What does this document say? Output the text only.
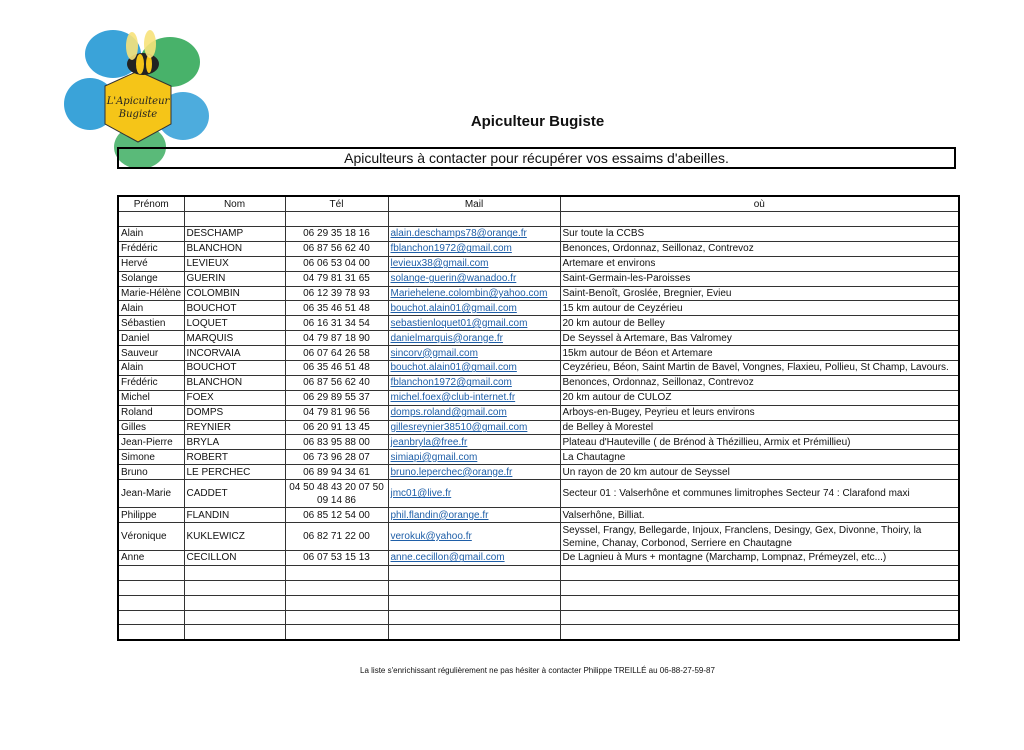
L'Apiculteur
Bugiste	Apiculteur Bugiste
Apiculteurs à contacter pour récupérer vos essaims d'abeilles.
Prénom	Nom	Tél	Mail	où

Alain	DESCHAMP	06 29 35 18 16	alain.deschamps78@orange.fr	Sur toute la CCBS
Frédéric	BLANCHON	06 87 56 62 40	fblanchon1972@gmail.com	Benonces, Ordonnaz, Seillonaz, Contrevoz
Hervé	LEVIEUX	06 06 53 04 00	levieux38@gmail.com	Artemare et environs
Solange	GUERIN	04 79 81 31 65	solange-guerin@wanadoo.fr	Saint-Germain-les-Paroisses
Marie-Hélène	COLOMBIN	06 12 39 78 93	Mariehelene.colombin@yahoo.com	Saint-Benoît, Groslée, Bregnier, Evieu
Alain	BOUCHOT	06 35 46 51 48	bouchot.alain01@gmail.com	15 km autour de Ceyzérieu
Sébastien	LOQUET	06 16 31 34 54	sebastienloquet01@gmail.com	20 km autour de Belley
Daniel	MARQUIS	04 79 87 18 90	danielmarquis@orange.fr	De Seyssel à Artemare, Bas Valromey
Sauveur	INCORVAIA	06 07 64 26 58	sincorv@gmail.com	15km autour de Béon et Artemare
Alain	BOUCHOT	06 35 46 51 48	bouchot.alain01@gmail.com	Ceyzérieu, Béon, Saint Martin de Bavel, Vongnes, Flaxieu, Pollieu, St Champ, Lavours.
Frédéric	BLANCHON	06 87 56 62 40	fblanchon1972@gmail.com	Benonces, Ordonnaz, Seillonaz, Contrevoz
Michel	FOEX	06 29 89 55 37	michel.foex@club-internet.fr	20 km autour de CULOZ
Roland	DOMPS	04 79 81 96 56	domps.roland@gmail.com	Arboys-en-Bugey, Peyrieu et leurs environs
Gilles	REYNIER	06 20 91 13 45	gillesreynier38510@gmail.com	de Belley à Morestel
Jean-Pierre	BRYLA	06 83 95 88 00	jeanbryla@free.fr	Plateau d'Hauteville ( de Brénod à Thézillieu, Armix et Prémillieu)
Simone	ROBERT	06 73 96 28 07	simiapi@gmail.com	La Chautagne
Bruno	LE PERCHEC	06 89 94 34 61	bruno.leperchec@orange.fr	Un rayon de 20 km autour de Seyssel
Jean-Marie	CADDET	04 50 48 43 20 07 50 09 14 86	jmc01@live.fr	Secteur 01 : Valserhône et communes limitrophes Secteur 74 : Clarafond maxi
Philippe	FLANDIN	06 85 12 54 00	phil.flandin@orange.fr	Valserhône, Billiat.
Véronique	KUKLEWICZ	06 82 71 22 00	verokuk@yahoo.fr	Seyssel, Frangy, Bellegarde, Injoux, Franclens, Desingy, Gex, Divonne, Thoiry, la Semine, Chanay, Corbonod, Serriere en Chautagne
Anne	CECILLON	06 07 53 15 13	anne.cecillon@gmail.com	De Lagnieu à Murs + montagne (Marchamp, Lompnaz, Prémeyzel, etc...)

La liste s'enrichissant régulièrement ne pas hésiter à contacter Philippe TREILLÉ au 06-88-27-59-87
